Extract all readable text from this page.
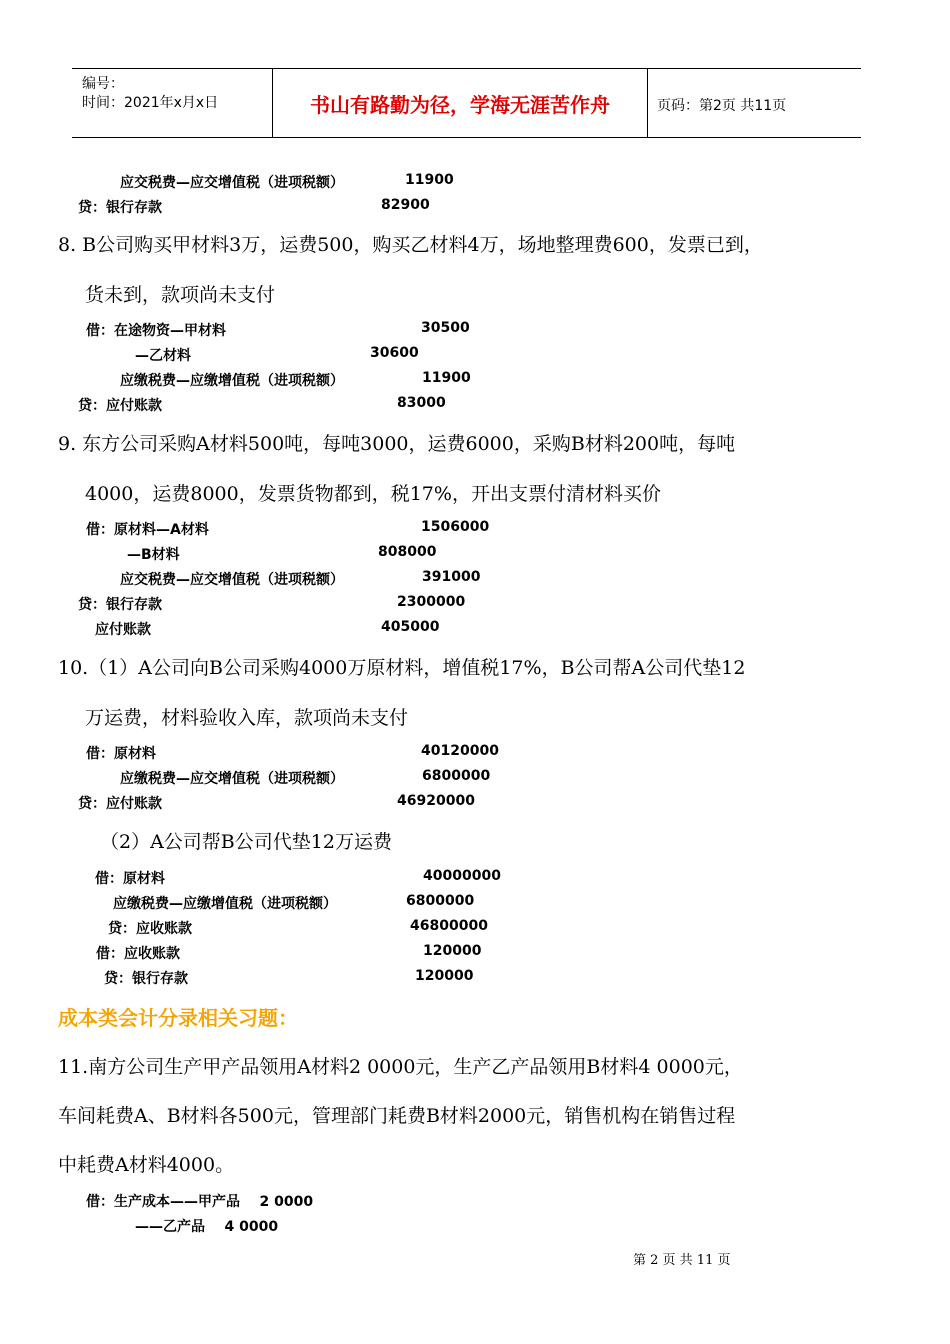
编号：
时间：2021年x月x日	书山有路勤为径，学海无涯苦作舟	页码：第2页 共11页
应交税费—应交增值税（进项税额）	11900
贷：银行存款	82900
8. B公司购买甲材料3万，运费500，购买乙材料4万，场地整理费600，发票已到，
货未到，款项尚未支付
借：在途物资—甲材料	30500
—乙材料	30600
应缴税费—应缴增值税（进项税额）	11900
贷：应付账款	83000
9. 东方公司采购A材料500吨，每吨3000，运费6000，采购B材料200吨，每吨
4000，运费8000，发票货物都到，税17%，开出支票付清材料买价
借：原材料—A材料	1506000
—B材料	808000
应交税费—应交增值税（进项税额）	391000
贷：银行存款	2300000
应付账款	405000
10.（1）A公司向B公司采购4000万原材料，增值税17%，B公司帮A公司代垫12
万运费，材料验收入库，款项尚未支付
借：原材料	40120000
应缴税费—应交增值税（进项税额）	6800000
贷：应付账款	46920000
（2）A公司帮B公司代垫12万运费
借：原材料	40000000
应缴税费—应缴增值税（进项税额）	6800000
贷：应收账款	46800000
借：应收账款	120000
贷：银行存款	120000
成本类会计分录相关习题：
11.南方公司生产甲产品领用A材料2 0000元，生产乙产品领用B材料4 0000元，
车间耗费A、B材料各500元，管理部门耗费B材料2000元，销售机构在销售过程
中耗费A材料4000。
借：生产成本——甲产品    2 0000
——乙产品    4 0000
第 2 页 共 11 页
